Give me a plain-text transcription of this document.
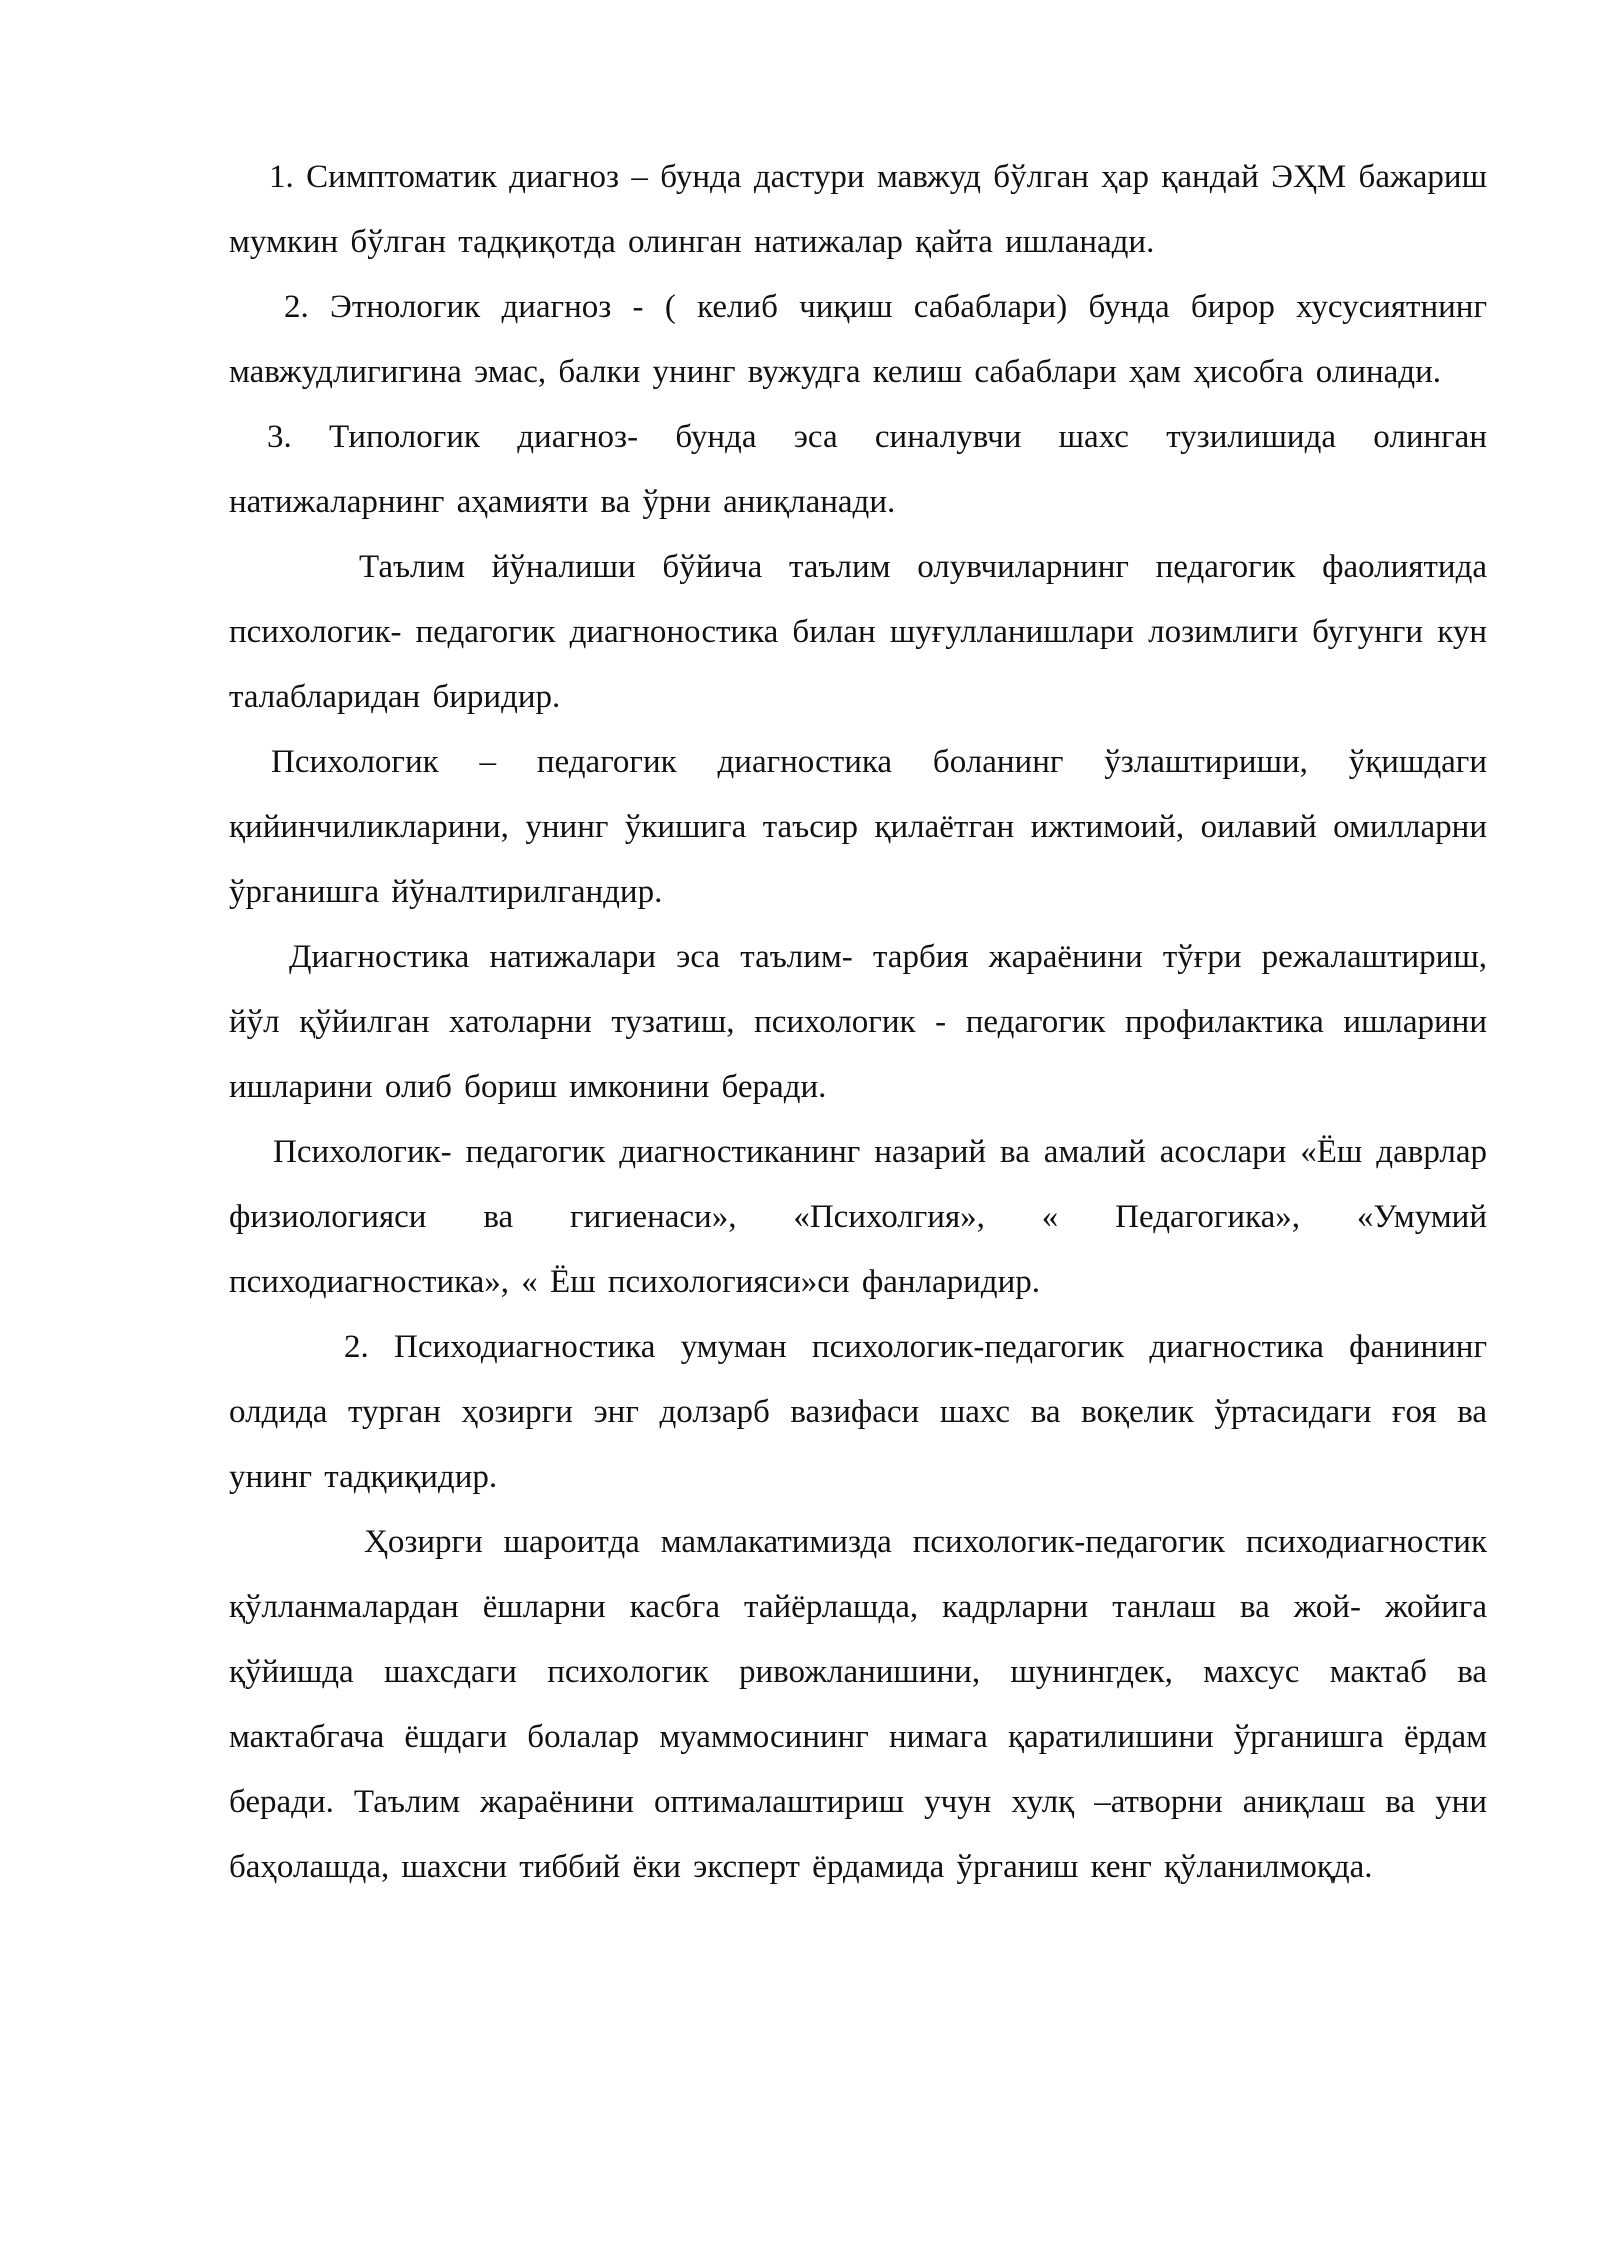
1. Симптоматик диагноз – бунда дастури мавжуд бўлган ҳар қандай ЭҲМ бажариш мумкин бўлган тадқиқотда олинган натижалар қайта ишланади.

2. Этнологик диагноз - ( келиб чиқиш сабаблари) бунда бирор хусусиятнинг мавжудлигигина эмас, балки унинг вужудга келиш сабаблари ҳам ҳисобга олинади.

3. Типологик диагноз- бунда эса синалувчи шахс тузилишида олинган натижаларнинг аҳамияти ва ўрни аниқланади.

Таълим йўналиши бўйича таълим олувчиларнинг педагогик фаолиятида психологик- педагогик диагноностика билан шуғулланишлари лозимлиги бугунги кун талабларидан биридир.

Психологик – педагогик диагностика боланинг ўзлаштириши, ўқишдаги қийинчиликларини, унинг ўкишига таъсир қилаётган ижтимоий, оилавий омилларни ўрганишга йўналтирилгандир.

Диагностика натижалари эса таълим- тарбия жараёнини тўғри режалаштириш, йўл қўйилган хатоларни тузатиш, психологик - педагогик профилактика ишларини ишларини олиб бориш имконини беради.

Психологик- педагогик диагностиканинг назарий ва амалий асослари «Ёш даврлар физиологияси ва гигиенаси», «Психолгия», « Педагогика», «Умумий психодиагностика», « Ёш психологияси»си фанларидир.

2. Психодиагностика умуман психологик-педагогик диагностика фанининг олдида турган ҳозирги энг долзарб вазифаси шахс ва воқелик ўртасидаги ғоя ва унинг тадқиқидир.

Ҳозирги шароитда мамлакатимизда психологик-педагогик психодиагностик қўлланмалардан ёшларни касбга тайёрлашда, кадрларни танлаш ва жой- жойига қўйишда шахсдаги психологик ривожланишини, шунингдек, махсус мактаб ва мактабгача ёшдаги болалар муаммосининг нимага қаратилишини ўрганишга ёрдам беради. Таълим жараёнини оптималаштириш учун хулқ –атворни аниқлаш ва уни баҳолашда, шахсни тиббий ёки эксперт ёрдамида ўрганиш кенг қўланилмоқда.
